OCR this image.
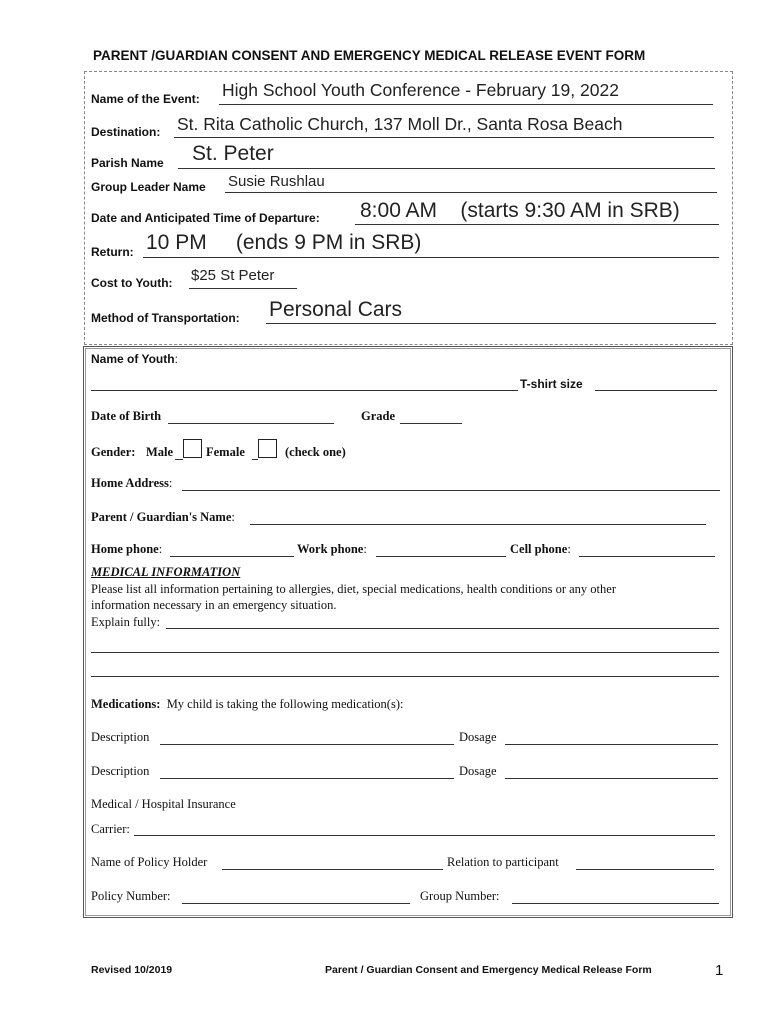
PARENT /GUARDIAN CONSENT AND EMERGENCY MEDICAL RELEASE EVENT FORM
Name of the Event: High School Youth Conference - February 19, 2022
Destination: St. Rita Catholic Church, 137 Moll Dr., Santa Rosa Beach
Parish Name St. Peter
Group Leader Name Susie Rushlau
Date and Anticipated Time of Departure: 8:00 AM    (starts 9:30 AM in SRB)
Return: 10 PM     (ends 9 PM in SRB)
Cost to Youth: $25 St Peter
Method of Transportation: Personal Cars
Name of Youth:
T-shirt size
Date of Birth	Grade
Gender: Male	Female	(check one)
Home Address:
Parent / Guardian's Name:
Home phone:	Work phone:	Cell phone:
MEDICAL INFORMATION
Please list all information pertaining to allergies, diet, special medications, health conditions or any other
information necessary in an emergency situation.
Explain fully:
Medications: My child is taking the following medication(s):
Description	Dosage
Description	Dosage
Medical / Hospital Insurance
Carrier:
Name of Policy Holder	Relation to participant
Policy Number:	Group Number:
Revised 10/2019	Parent / Guardian Consent and Emergency Medical Release Form	1
